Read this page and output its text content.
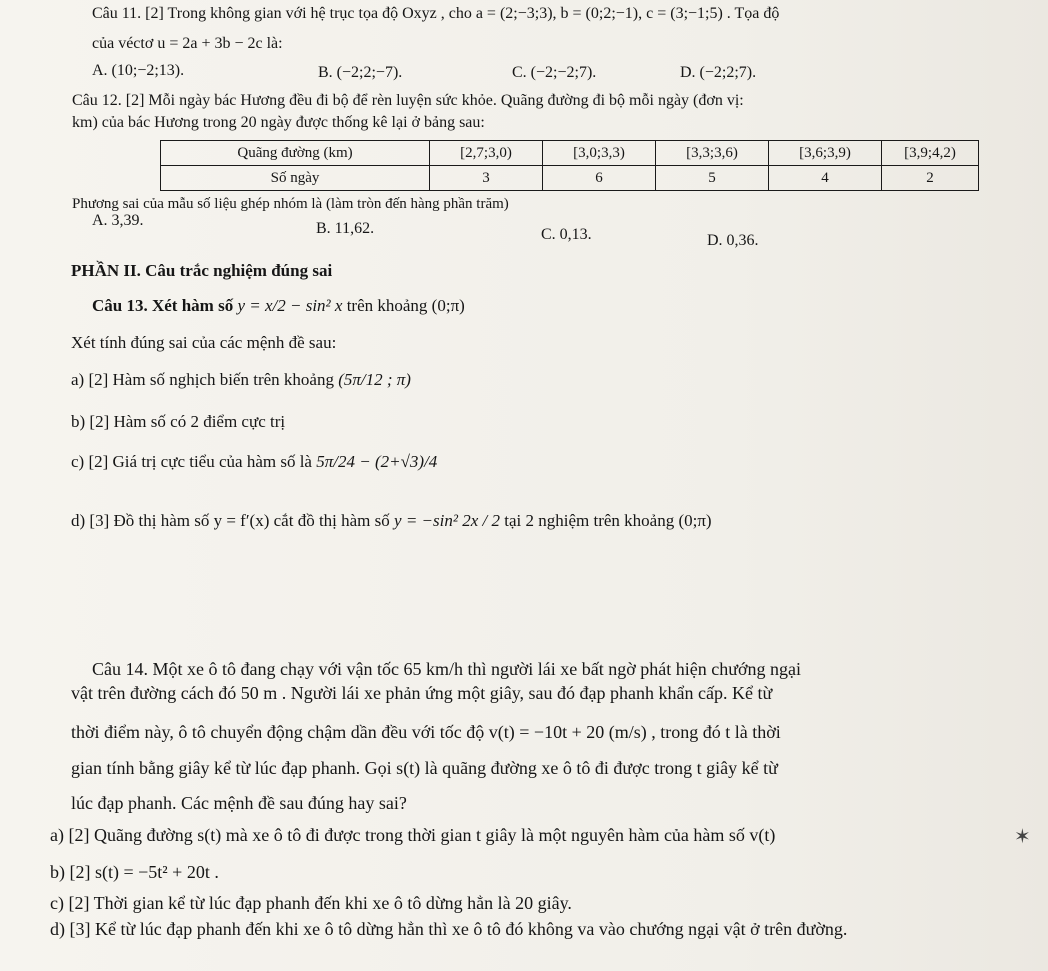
Câu 11. [2] Trong không gian với hệ trục tọa độ Oxyz , cho a = (2;−3;3), b = (0;2;−1), c = (3;−1;5) . Tọa độ
của véctơ u = 2a + 3b − 2c là:
A. (10;−2;13).	B. (−2;2;−7).	C. (−2;−2;7).	D. (−2;2;7).
Câu 12. [2] Mỗi ngày bác Hương đều đi bộ để rèn luyện sức khỏe. Quãng đường đi bộ mỗi ngày (đơn vị:
km) của bác Hương trong 20 ngày được thống kê lại ở bảng sau:
Quãng đường (km)	[2,7;3,0)	[3,0;3,3)	[3,3;3,6)	[3,6;3,9)	[3,9;4,2)
Số ngày	3	6	5	4	2
Phương sai của mẫu số liệu ghép nhóm là (làm tròn đến hàng phần trăm)
A. 3,39.	B. 11,62.	C. 0,13.	D. 0,36.
PHẦN II. Câu trắc nghiệm đúng sai
Câu 13. Xét hàm số y = x/2 − sin² x trên khoảng (0;π)
Xét tính đúng sai của các mệnh đề sau:
a) [2] Hàm số nghịch biến trên khoảng (5π/12 ; π)
b) [2] Hàm số có 2 điểm cực trị
c) [2] Giá trị cực tiểu của hàm số là 5π/24 − (2+√3)/4
d) [3] Đồ thị hàm số y = f′(x) cắt đồ thị hàm số y = −sin² 2x / 2 tại 2 nghiệm trên khoảng (0;π)
Câu 14. Một xe ô tô đang chạy với vận tốc 65 km/h thì người lái xe bất ngờ phát hiện chướng ngại
vật trên đường cách đó 50 m . Người lái xe phản ứng một giây, sau đó đạp phanh khẩn cấp. Kể từ
thời điểm này, ô tô chuyển động chậm dần đều với tốc độ v(t) = −10t + 20 (m/s) , trong đó t là thời
gian tính bằng giây kể từ lúc đạp phanh. Gọi s(t) là quãng đường xe ô tô đi được trong t giây kể từ
lúc đạp phanh. Các mệnh đề sau đúng hay sai?
a) [2] Quãng đường s(t) mà xe ô tô đi được trong thời gian t giây là một nguyên hàm của hàm số v(t)
b) [2] s(t) = −5t² + 20t .
c) [2] Thời gian kể từ lúc đạp phanh đến khi xe ô tô dừng hẳn là 20 giây.
d) [3] Kể từ lúc đạp phanh đến khi xe ô tô dừng hẳn thì xe ô tô đó không va vào chướng ngại vật ở trên đường.
✶
